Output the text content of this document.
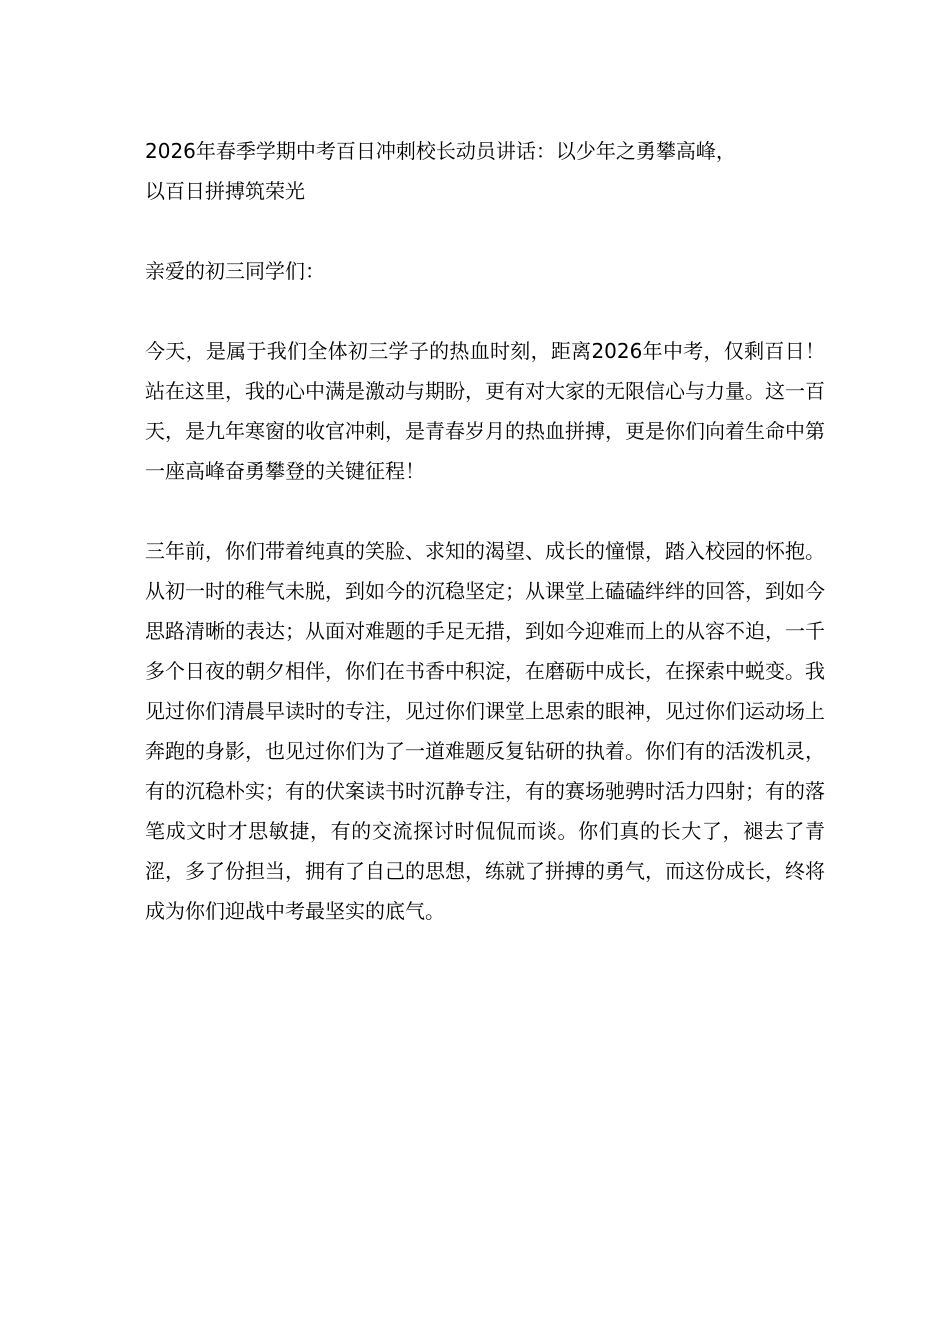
2026年春季学期中考百日冲刺校长动员讲话：以少年之勇攀高峰，

以百日拼搏筑荣光

亲爱的初三同学们：

今天，是属于我们全体初三学子的热血时刻，距离2026年中考，仅剩百日！站在这里，我的心中满是激动与期盼，更有对大家的无限信心与力量。这一百天，是九年寒窗的收官冲刺，是青春岁月的热血拼搏，更是你们向着生命中第一座高峰奋勇攀登的关键征程！

三年前，你们带着纯真的笑脸、求知的渴望、成长的憧憬，踏入校园的怀抱。从初一时的稚气未脱，到如今的沉稳坚定；从课堂上磕磕绊绊的回答，到如今思路清晰的表达；从面对难题的手足无措，到如今迎难而上的从容不迫，一千多个日夜的朝夕相伴，你们在书香中积淀，在磨砺中成长，在探索中蜕变。我见过你们清晨早读时的专注，见过你们课堂上思索的眼神，见过你们运动场上奔跑的身影，也见过你们为了一道难题反复钻研的执着。你们有的活泼机灵，有的沉稳朴实；有的伏案读书时沉静专注，有的赛场驰骋时活力四射；有的落笔成文时才思敏捷，有的交流探讨时侃侃而谈。你们真的长大了，褪去了青涩，多了份担当，拥有了自己的思想，练就了拼搏的勇气，而这份成长，终将成为你们迎战中考最坚实的底气。
